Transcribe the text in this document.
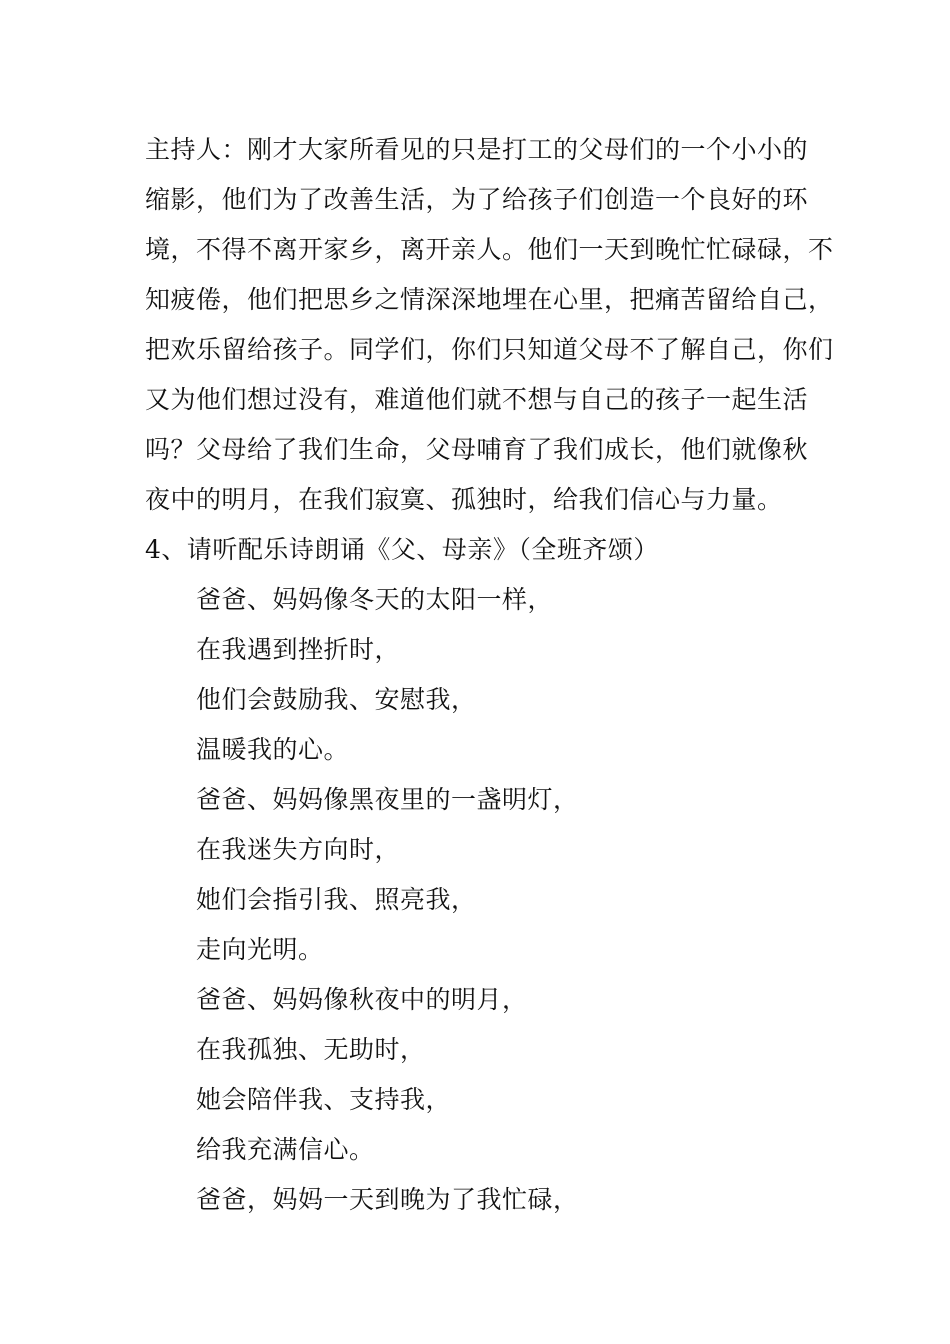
主持人：刚才大家所看见的只是打工的父母们的一个小小的
缩影，他们为了改善生活，为了给孩子们创造一个良好的环
境，不得不离开家乡，离开亲人。他们一天到晚忙忙碌碌，不
知疲倦，他们把思乡之情深深地埋在心里，把痛苦留给自己，
把欢乐留给孩子。同学们，你们只知道父母不了解自己，你们
又为他们想过没有，难道他们就不想与自己的孩子一起生活
吗？父母给了我们生命，父母哺育了我们成长，他们就像秋
夜中的明月，在我们寂寞、孤独时，给我们信心与力量。
4、请听配乐诗朗诵《父、母亲》（全班齐颂）
爸爸、妈妈像冬天的太阳一样，
在我遇到挫折时，
他们会鼓励我、安慰我，
温暖我的心。
爸爸、妈妈像黑夜里的一盏明灯，
在我迷失方向时，
她们会指引我、照亮我，
走向光明。
爸爸、妈妈像秋夜中的明月，
在我孤独、无助时，
她会陪伴我、支持我，
给我充满信心。
爸爸，妈妈一天到晚为了我忙碌，
